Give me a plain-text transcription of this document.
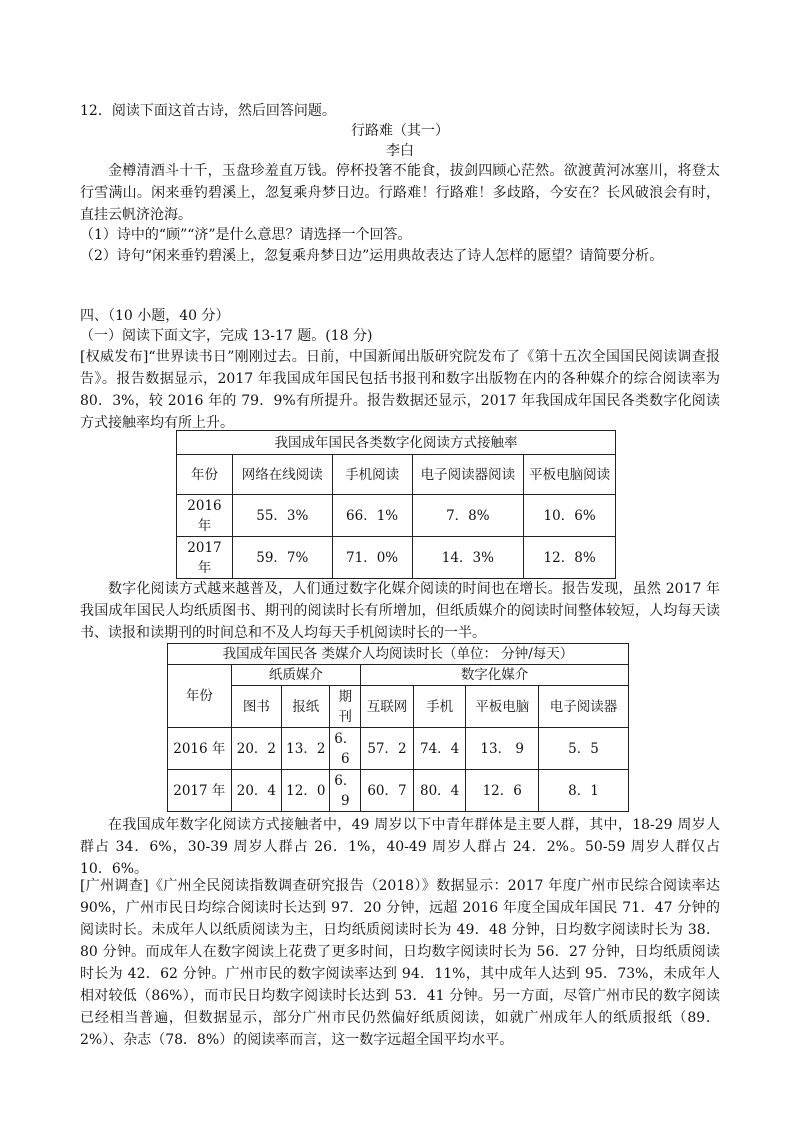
12．阅读下面这首古诗，然后回答问题。

行路难（其一）

李白

金樽清酒斗十千，玉盘珍羞直万钱。停杯投箸不能食，拔剑四顾心茫然。欲渡黄河冰塞川，将登太行雪满山。闲来垂钓碧溪上，忽复乘舟梦日边。行路难！行路难！多歧路，今安在？长风破浪会有时，直挂云帆济沧海。

（1）诗中的“顾”“济”是什么意思？请选择一个回答。

（2）诗句“闲来垂钓碧溪上，忽复乘舟梦日边”运用典故表达了诗人怎样的愿望？请简要分析。

四、（10 小题，40 分）

（一）阅读下面文字，完成 13-17 题。(18 分)

[权威发布]“世界读书日”刚刚过去。日前，中国新闻出版研究院发布了《第十五次全国国民阅读调查报告》。报告数据显示，2017 年我国成年国民包括书报刊和数字出版物在内的各种媒介的综合阅读率为 80．3%，较 2016 年的 79．9%有所提升。报告数据还显示，2017 年我国成年国民各类数字化阅读方式接触率均有所上升。

我国成年国民各类数字化阅读方式接触率				
年份	网络在线阅读	手机阅读	电子阅读器阅读	平板电脑阅读
2016 年	55．3%	66．1%	7．8%	10．6%
2017 年	59．7%	71．0%	14．3%	12．8%

数字化阅读方式越来越普及，人们通过数字化媒介阅读的时间也在增长。报告发现，虽然 2017 年我国成年国民人均纸质图书、期刊的阅读时长有所增加，但纸质媒介的阅读时间整体较短，人均每天读书、读报和读期刊的时间总和不及人均每天手机阅读时长的一半。

我国成年国民各 类媒介人均阅读时长（单位： 分钟/每天）							
年份	纸质媒介			数字化媒介			
	图书	报纸	期刊	互联网	手机	平板电脑	电子阅读器
2016 年	20．2	13．2	6．6	57．2	74．4	13． 9	5．5
2017 年	20．4	12．0	6．9	60．7	80．4	12．6	8．1

在我国成年数字化阅读方式接触者中，49 周岁以下中青年群体是主要人群，其中，18-29 周岁人群占 34．6%，30-39 周岁人群占 26．1%，40-49 周岁人群占 24．2%。50-59 周岁人群仅占 10．6%。

[广州调查]《广州全民阅读指数调查研究报告（2018）》数据显示：2017 年度广州市民综合阅读率达 90%，广州市民日均综合阅读时长达到 97．20 分钟，远超 2016 年度全国成年国民 71．47 分钟的阅读时长。未成年人以纸质阅读为主，日均纸质阅读时长为 49．48 分钟，日均数字阅读时长为 38．80 分钟。而成年人在数字阅读上花费了更多时间，日均数字阅读时长为 56．27 分钟，日均纸质阅读时长为 42．62 分钟。广州市民的数字阅读率达到 94．11%，其中成年人达到 95．73%，未成年人相对较低（86%），而市民日均数字阅读时长达到 53．41 分钟。另一方面，尽管广州市民的数字阅读已经相当普遍，但数据显示，部分广州市民仍然偏好纸质阅读，如就广州成年人的纸质报纸（89．2%）、杂志（78．8%）的阅读率而言，这一数字远超全国平均水平。
